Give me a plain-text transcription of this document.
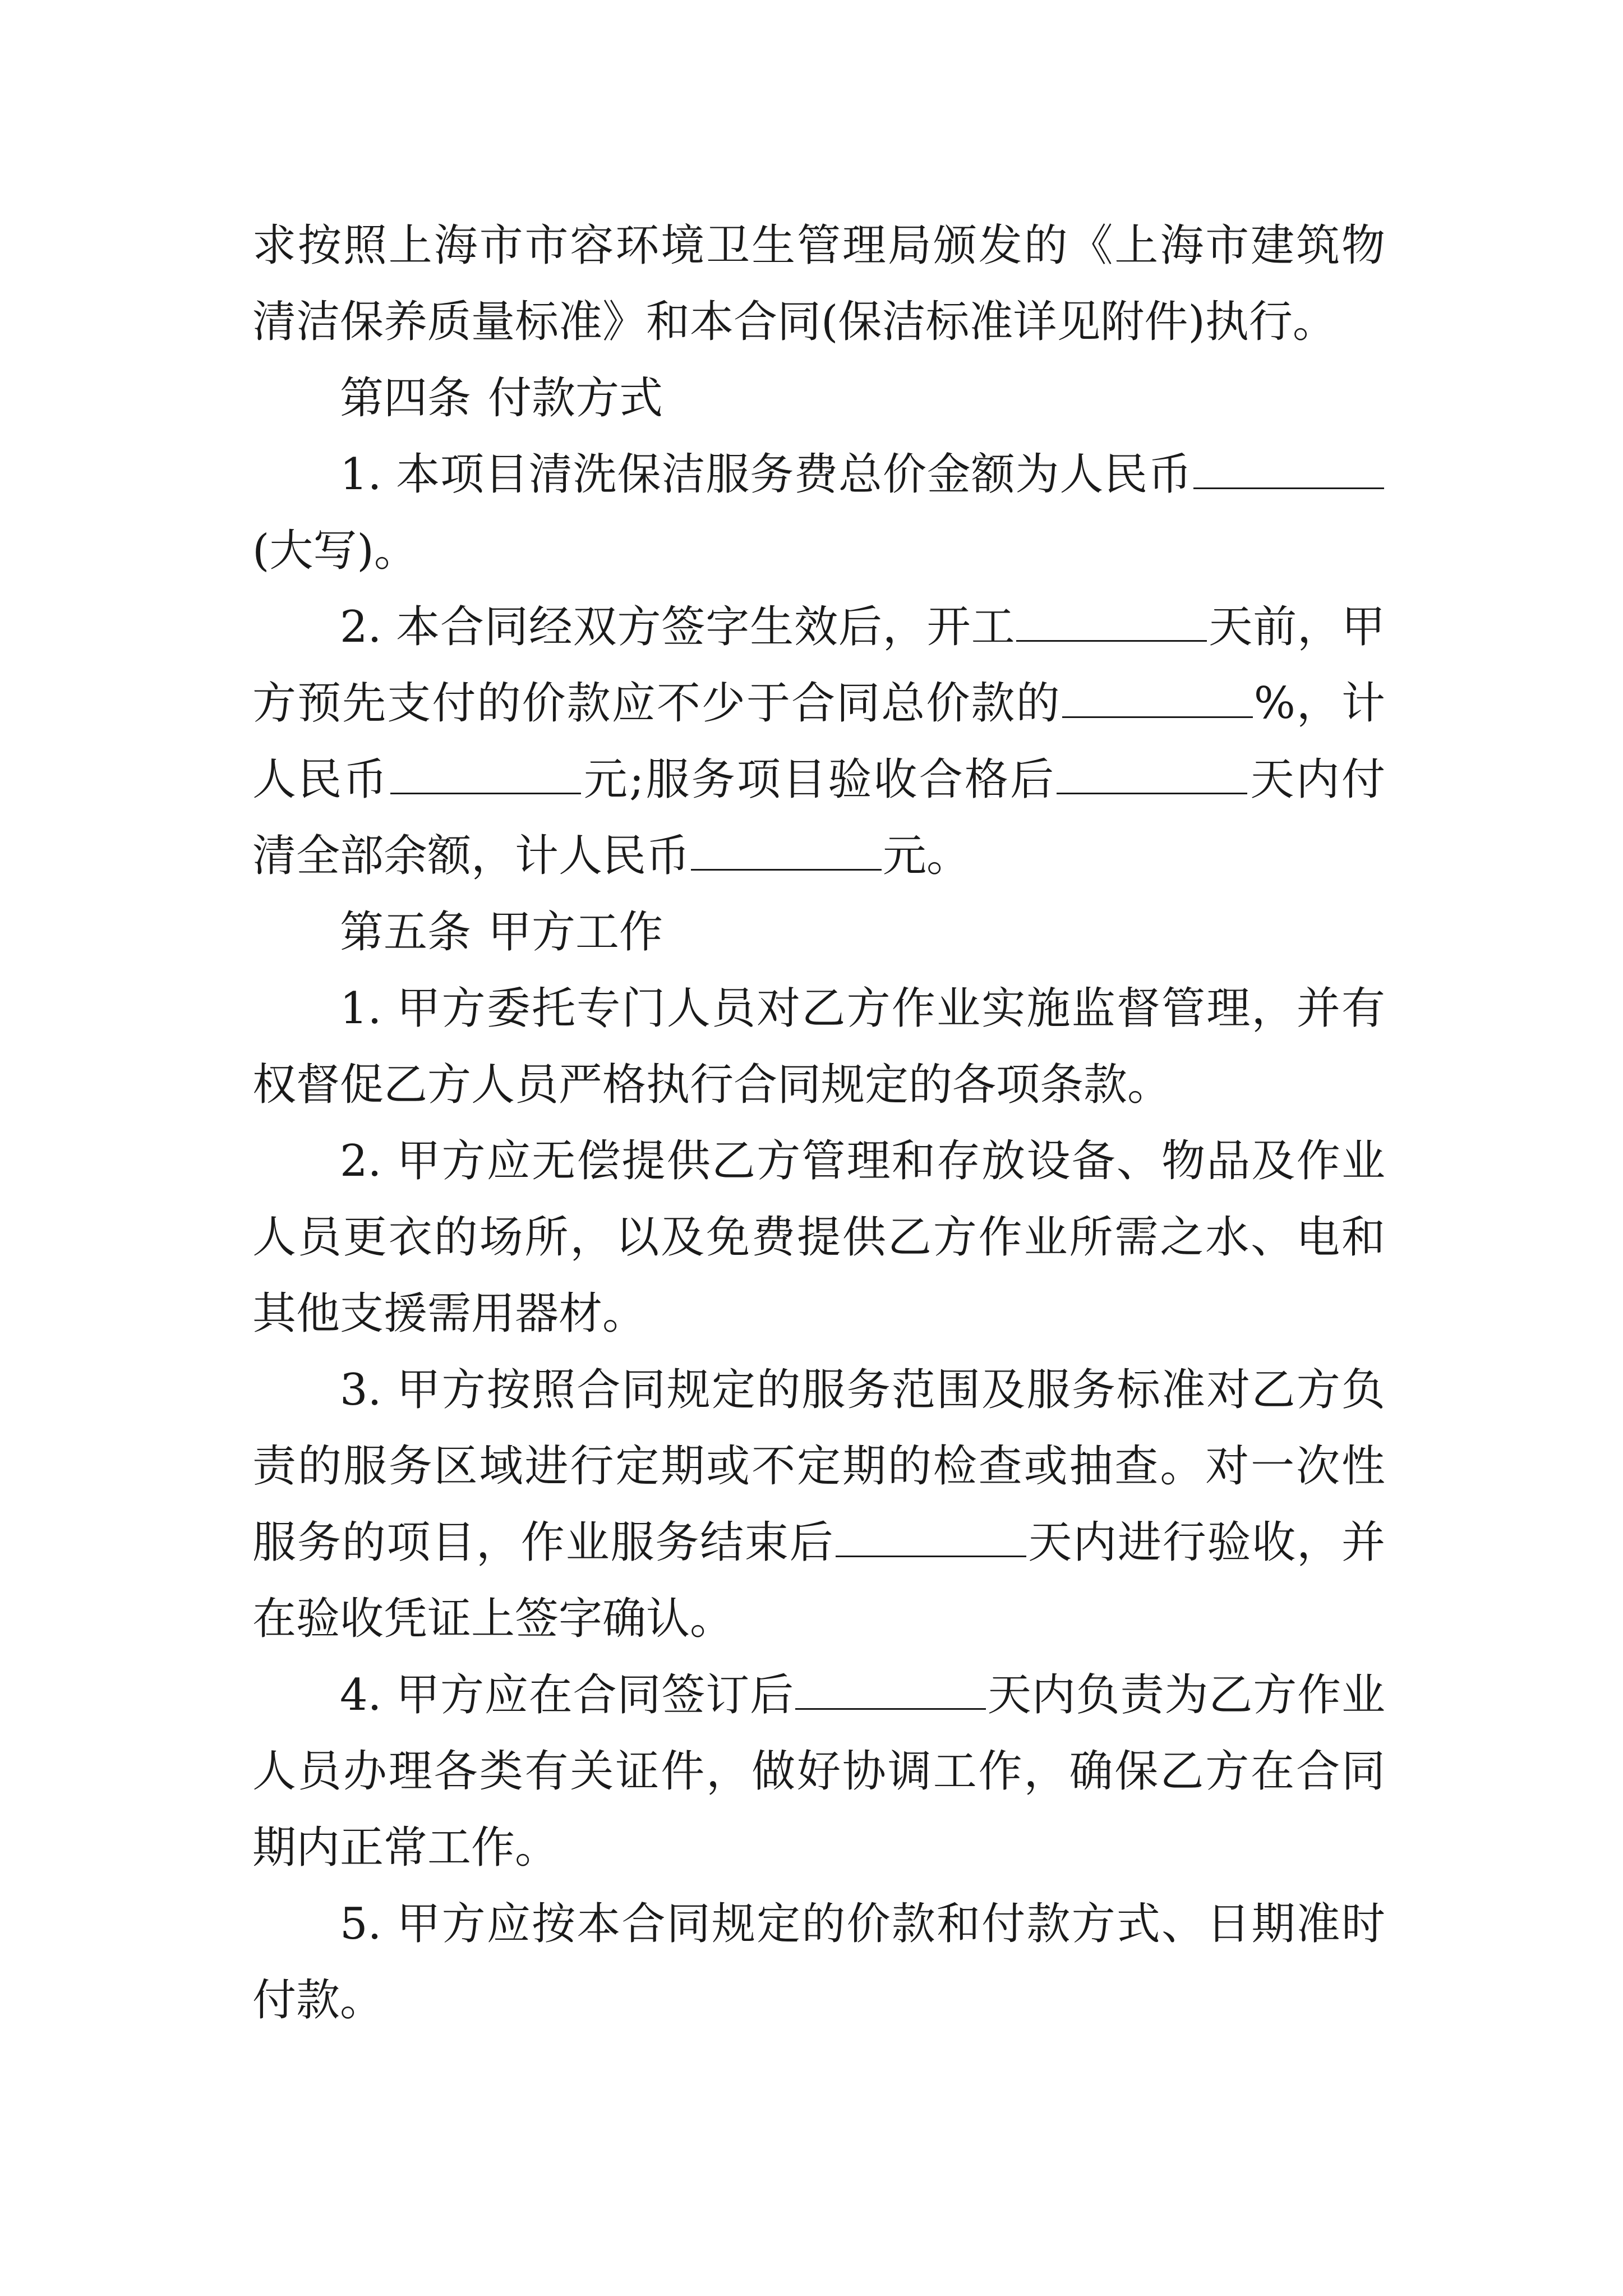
求按照上海市市容环境卫生管理局颁发的《上海市建筑物清洁保养质量标准》和本合同(保洁标准详见附件)执行。

第四条 付款方式

1. 本项目清洗保洁服务费总价金额为人民币(大写)。

2. 本合同经双方签字生效后，开工	天前，甲方预先支付的价款应不少于合同总价款的	%，计人民币	元;服务项目验收合格后	天内付清全部余额，计人民币	元。

第五条 甲方工作

1. 甲方委托专门人员对乙方作业实施监督管理，并有权督促乙方人员严格执行合同规定的各项条款。

2. 甲方应无偿提供乙方管理和存放设备、物品及作业人员更衣的场所，以及免费提供乙方作业所需之水、电和其他支援需用器材。

3. 甲方按照合同规定的服务范围及服务标准对乙方负责的服务区域进行定期或不定期的检查或抽查。对一次性服务的项目，作业服务结束后	天内进行验收，并在验收凭证上签字确认。

4. 甲方应在合同签订后	天内负责为乙方作业人员办理各类有关证件，做好协调工作，确保乙方在合同期内正常工作。

5. 甲方应按本合同规定的价款和付款方式、日期准时付款。
